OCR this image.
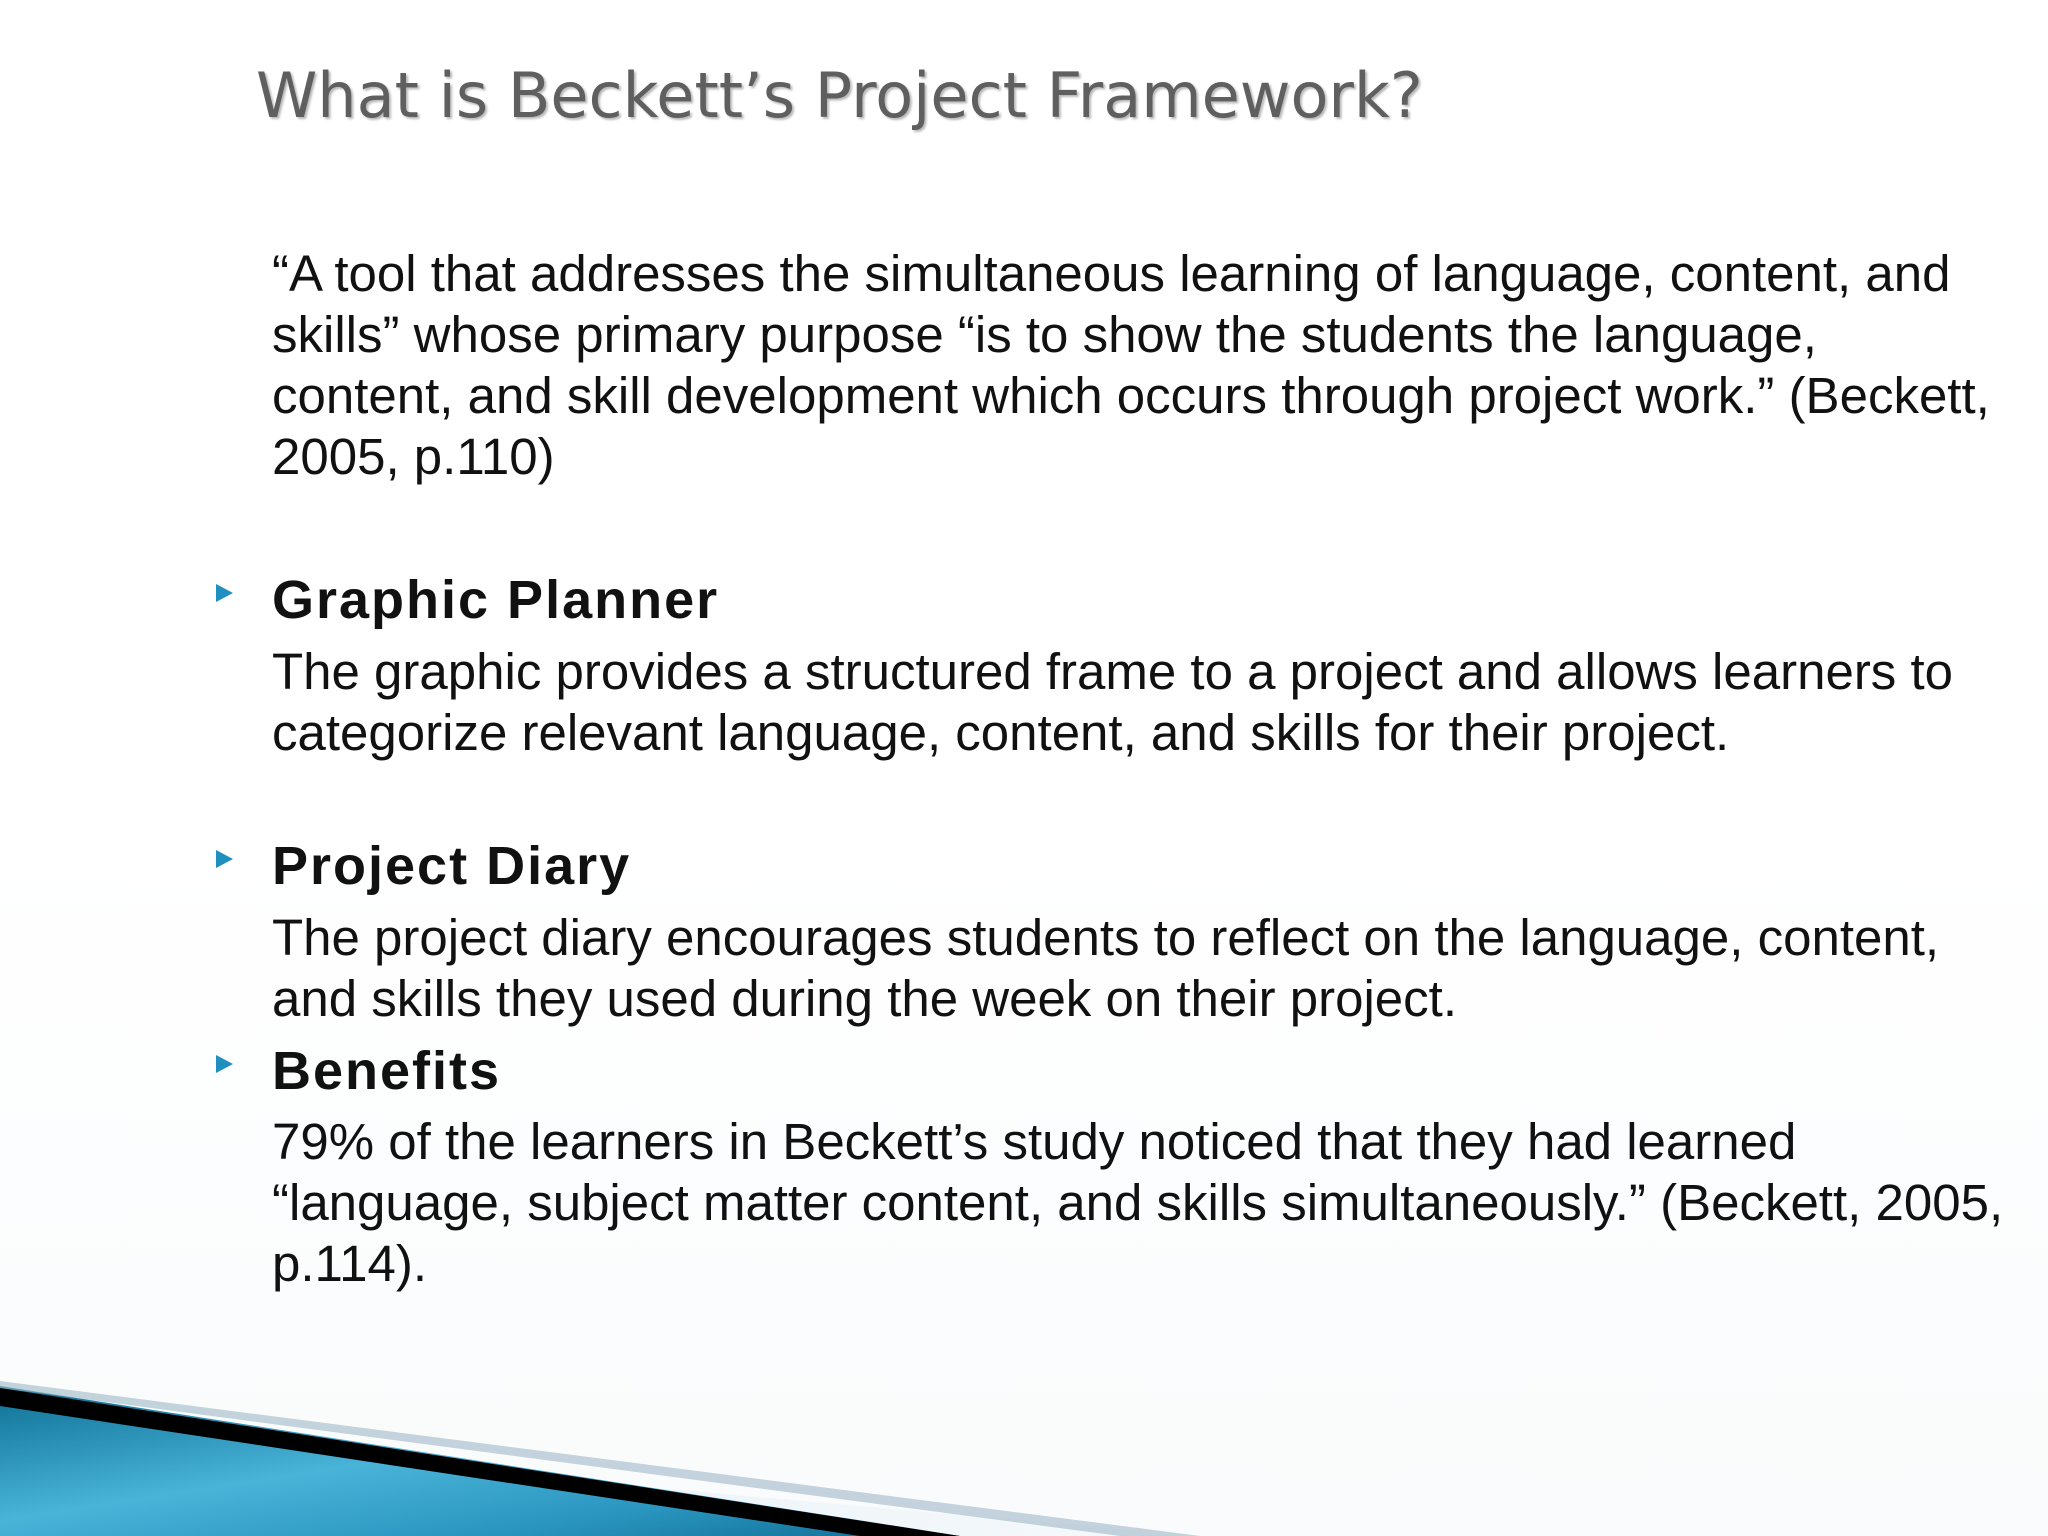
What is Beckett’s Project Framework?

“A tool that addresses the simultaneous learning of language, content, and skills” whose primary purpose “is to show the students the language, content, and skill development which occurs through project work.” (Beckett, 2005, p.110)

Graphic Planner

The graphic provides a structured frame to a project and allows learners to categorize relevant language, content, and skills for their project.

Project Diary

The project diary encourages students to reflect on the language, content, and skills they used during the week on their project.

Benefits

79% of the learners in Beckett’s study noticed that they had learned “language, subject matter content, and skills simultaneously.” (Beckett, 2005, p.114).
